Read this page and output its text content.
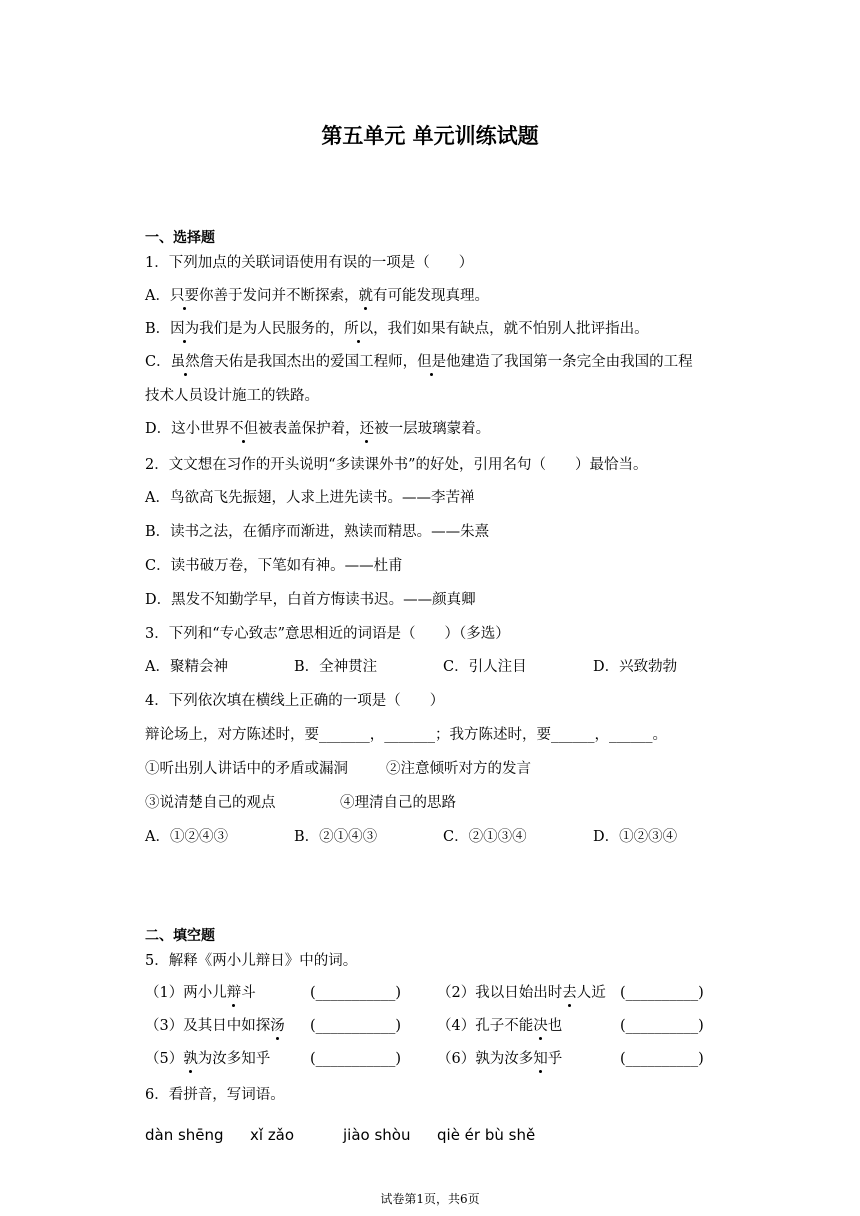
第五单元 单元训练试题
一、选择题
1．下列加点的关联词语使用有误的一项是（　　）
A．只要你善于发问并不断探索，就有可能发现真理。
B．因为我们是为人民服务的，所以，我们如果有缺点，就不怕别人批评指出。
C．虽然詹天佑是我国杰出的爱国工程师，但是他建造了我国第一条完全由我国的工程
技术人员设计施工的铁路。
D．这小世界不但被表盖保护着，还被一层玻璃蒙着。
2．文文想在习作的开头说明“多读课外书”的好处，引用名句（　　）最恰当。
A．鸟欲高飞先振翅，人求上进先读书。——李苦禅
B．读书之法，在循序而渐进，熟读而精思。——朱熹
C．读书破万卷，下笔如有神。——杜甫
D．黑发不知勤学早，白首方悔读书迟。——颜真卿
3．下列和“专心致志”意思相近的词语是（　　）（多选）
A．聚精会神	B．全神贯注	C．引人注目	D．兴致勃勃
4．下列依次填在横线上正确的一项是（　　）
辩论场上，对方陈述时，要_______，_______；我方陈述时，要______，______。
①听出别人讲话中的矛盾或漏洞	②注意倾听对方的发言
③说清楚自己的观点	④理清自己的思路
A．①②④③	B．②①④③	C．②①③④	D．①②③④
二、填空题
5．解释《两小儿辩日》中的词。
（1）两小儿辩斗	(___________) （2）我以日始出时去人近 (__________)
（3）及其日中如探汤 (___________) （4）孔子不能决也	(__________)
（5）孰为汝多知乎	(___________) （6）孰为汝多知乎	(__________)
6．看拼音，写词语。
dàn shēng xǐ zǎo	jiào shòu qiè ér bù shě
试卷第1页，共6页
